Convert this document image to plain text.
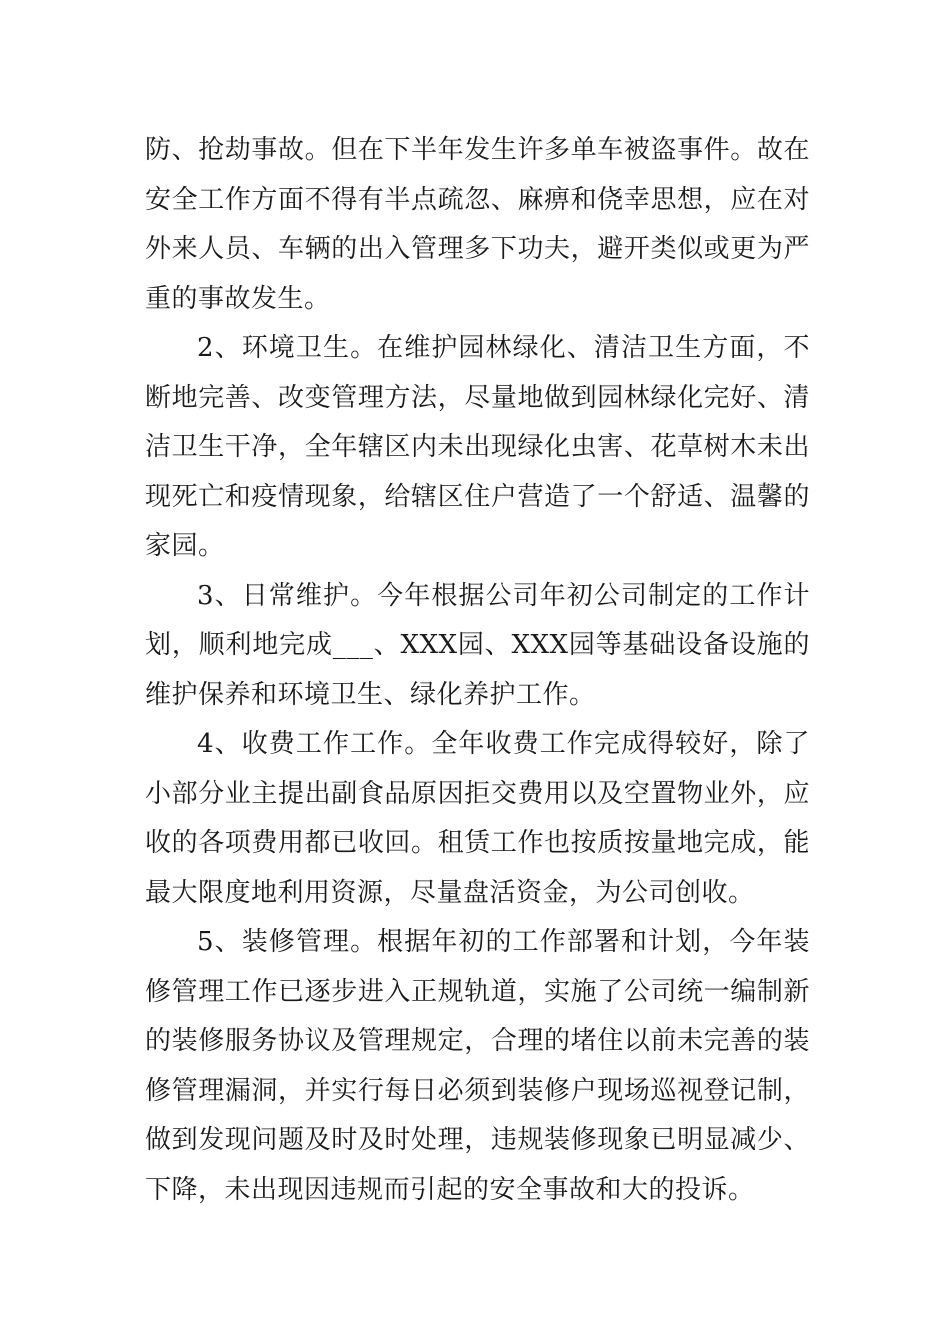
防、抢劫事故。但在下半年发生许多单车被盗事件。故在安全工作方面不得有半点疏忽、麻痹和侥幸思想，应在对外来人员、车辆的出入管理多下功夫，避开类似或更为严重的事故发生。

2、环境卫生。在维护园林绿化、清洁卫生方面，不断地完善、改变管理方法，尽量地做到园林绿化完好、清洁卫生干净，全年辖区内未出现绿化虫害、花草树木未出现死亡和疫情现象，给辖区住户营造了一个舒适、温馨的家园。

3、日常维护。今年根据公司年初公司制定的工作计划，顺利地完成___、XXX园、XXX园等基础设备设施的维护保养和环境卫生、绿化养护工作。

4、收费工作工作。全年收费工作完成得较好，除了小部分业主提出副食品原因拒交费用以及空置物业外，应收的各项费用都已收回。租赁工作也按质按量地完成，能最大限度地利用资源，尽量盘活资金，为公司创收。

5、装修管理。根据年初的工作部署和计划，今年装修管理工作已逐步进入正规轨道，实施了公司统一编制新的装修服务协议及管理规定，合理的堵住以前未完善的装修管理漏洞，并实行每日必须到装修户现场巡视登记制，做到发现问题及时及时处理，违规装修现象已明显减少、下降，未出现因违规而引起的安全事故和大的投诉。
